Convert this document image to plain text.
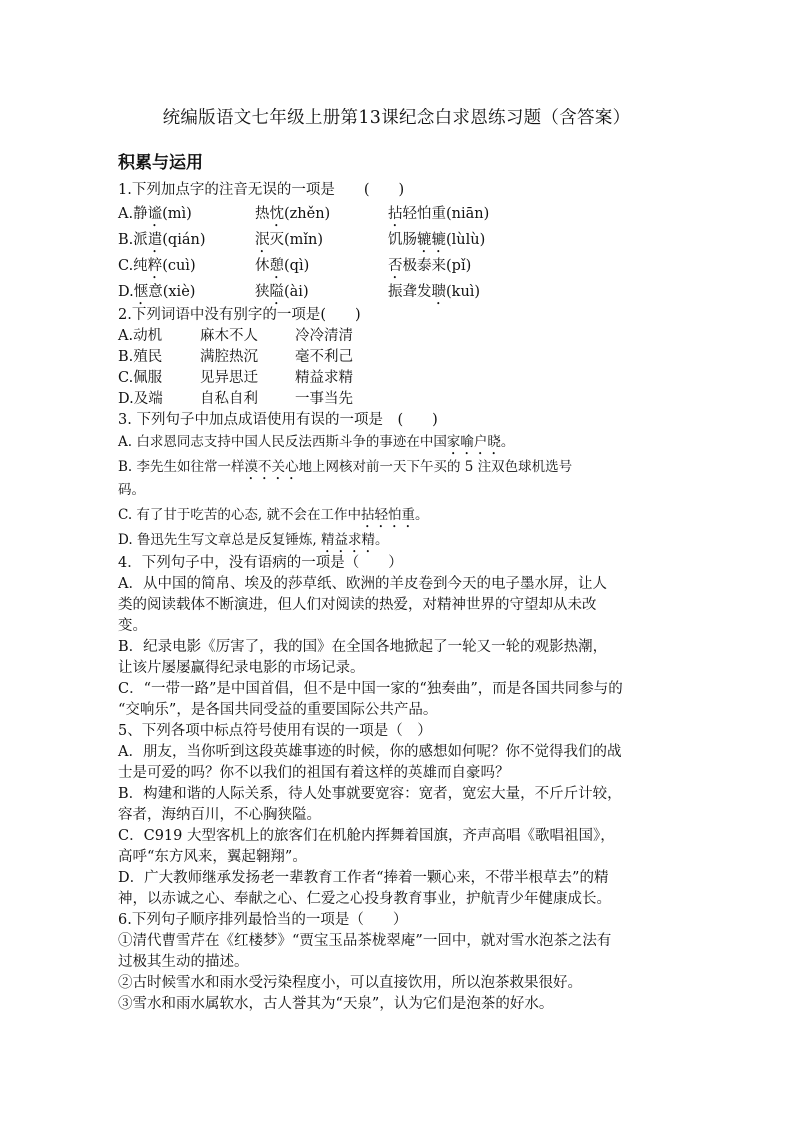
统编版语文七年级上册第13课纪念白求恩练习题（含答案）
积累与运用
1.下列加点字的注音无误的一项是　　(　　)
A.静谧(mì)	热忱(zhěn)	拈轻怕重(niān)
B.派遣(qián)	泯灭(mǐn)	饥肠辘辘(lùlù)
C.纯粹(cuì)	休憩(qì)	否极泰来(pǐ)
D.惬意(xiè)	狭隘(ài)	振聋发聩(kuì)
2.下列词语中没有别字的一项是(　　)
A.动机	麻木不人	冷冷清清
B.殖民	满腔热沉	毫不利己
C.佩服	见异思迁	精益求精
D.及端	自私自利	一事当先
3. 下列句子中加点成语使用有误的一项是　(　　)
A. 白求恩同志支持中国人民反法西斯斗争的事迹在中国家喻户晓。
B. 李先生如往常一样漠不关心地上网核对前一天下午买的 5 注双色球机选号
码。
C. 有了甘于吃苦的心态, 就不会在工作中拈轻怕重。
D. 鲁迅先生写文章总是反复锤炼, 精益求精。
4．下列句子中，没有语病的一项是（　　）
A．从中国的简帛、埃及的莎草纸、欧洲的羊皮卷到今天的电子墨水屏，让人
类的阅读载体不断演进，但人们对阅读的热爱，对精神世界的守望却从未改
变。
B．纪录电影《厉害了，我的国》在全国各地掀起了一轮又一轮的观影热潮，
让该片屡屡赢得纪录电影的市场记录。
C．“一带一路”是中国首倡，但不是中国一家的“独奏曲”，而是各国共同参与的
“交响乐”，是各国共同受益的重要国际公共产品。
5、下列各项中标点符号使用有误的一项是（　）
A．朋友，当你听到这段英雄事迹的时候，你的感想如何呢？你不觉得我们的战
士是可爱的吗？你不以我们的祖国有着这样的英雄而自豪吗？
B．构建和谐的人际关系，待人处事就要宽容：宽者，宽宏大量，不斤斤计较，
容者，海纳百川，不心胸狭隘。
C．C919 大型客机上的旅客们在机舱内挥舞着国旗，齐声高唱《歌唱祖国》，
高呼“东方风来，翼起翱翔”。
D．广大教师继承发扬老一辈教育工作者“捧着一颗心来，不带半根草去”的精
神，以赤诚之心、奉献之心、仁爱之心投身教育事业，护航青少年健康成长。
6.下列句子顺序排列最恰当的一项是（　　）
①清代曹雪芹在《红楼梦》“贾宝玉品茶栊翠庵”一回中，就对雪水泡茶之法有
过极其生动的描述。
②古时候雪水和雨水受污染程度小，可以直接饮用，所以泡茶救果很好。
③雪水和雨水属软水，古人誉其为“天泉”，认为它们是泡茶的好水。
